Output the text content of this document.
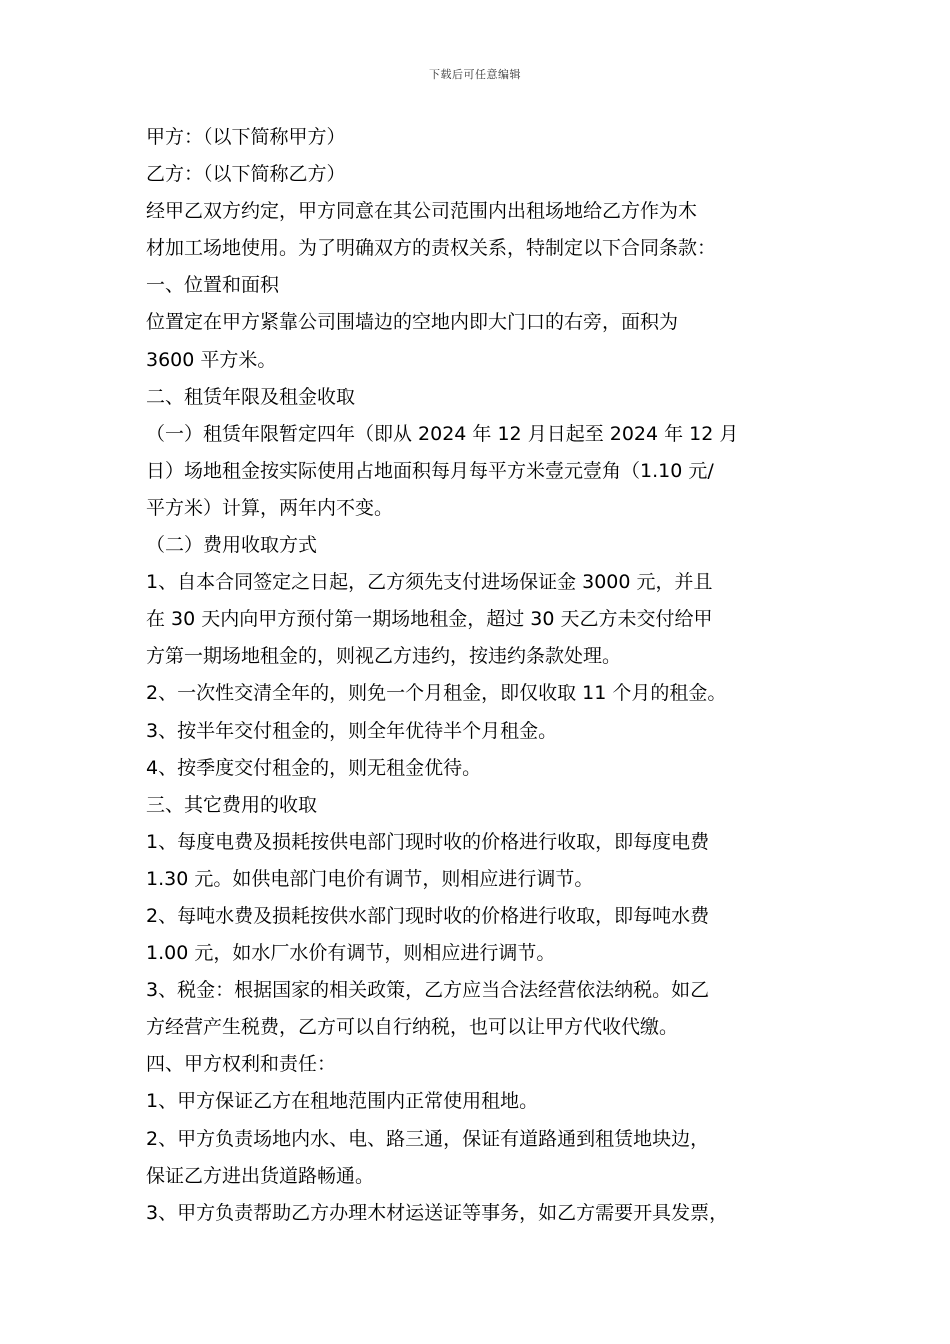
下载后可任意编辑
甲方：（以下简称甲方）
乙方：（以下简称乙方）
经甲乙双方约定，甲方同意在其公司范围内出租场地给乙方作为木
材加工场地使用。为了明确双方的责权关系，特制定以下合同条款：
一、位置和面积
位置定在甲方紧靠公司围墙边的空地内即大门口的右旁，面积为
3600 平方米。
二、租赁年限及租金收取
（一）租赁年限暂定四年（即从 2024 年 12 月日起至 2024 年 12 月
日）场地租金按实际使用占地面积每月每平方米壹元壹角（1.10 元/
平方米）计算，两年内不变。
（二）费用收取方式
1、自本合同签定之日起，乙方须先支付进场保证金 3000 元，并且
在 30 天内向甲方预付第一期场地租金，超过 30 天乙方未交付给甲
方第一期场地租金的，则视乙方违约，按违约条款处理。
2、一次性交清全年的，则免一个月租金，即仅收取 11 个月的租金。
3、按半年交付租金的，则全年优待半个月租金。
4、按季度交付租金的，则无租金优待。
三、其它费用的收取
1、每度电费及损耗按供电部门现时收的价格进行收取，即每度电费
1.30 元。如供电部门电价有调节，则相应进行调节。
2、每吨水费及损耗按供水部门现时收的价格进行收取，即每吨水费
1.00 元，如水厂水价有调节，则相应进行调节。
3、税金：根据国家的相关政策，乙方应当合法经营依法纳税。如乙
方经营产生税费，乙方可以自行纳税，也可以让甲方代收代缴。
四、甲方权利和责任：
1、甲方保证乙方在租地范围内正常使用租地。
2、甲方负责场地内水、电、路三通，保证有道路通到租赁地块边，
保证乙方进出货道路畅通。
3、甲方负责帮助乙方办理木材运送证等事务，如乙方需要开具发票，
